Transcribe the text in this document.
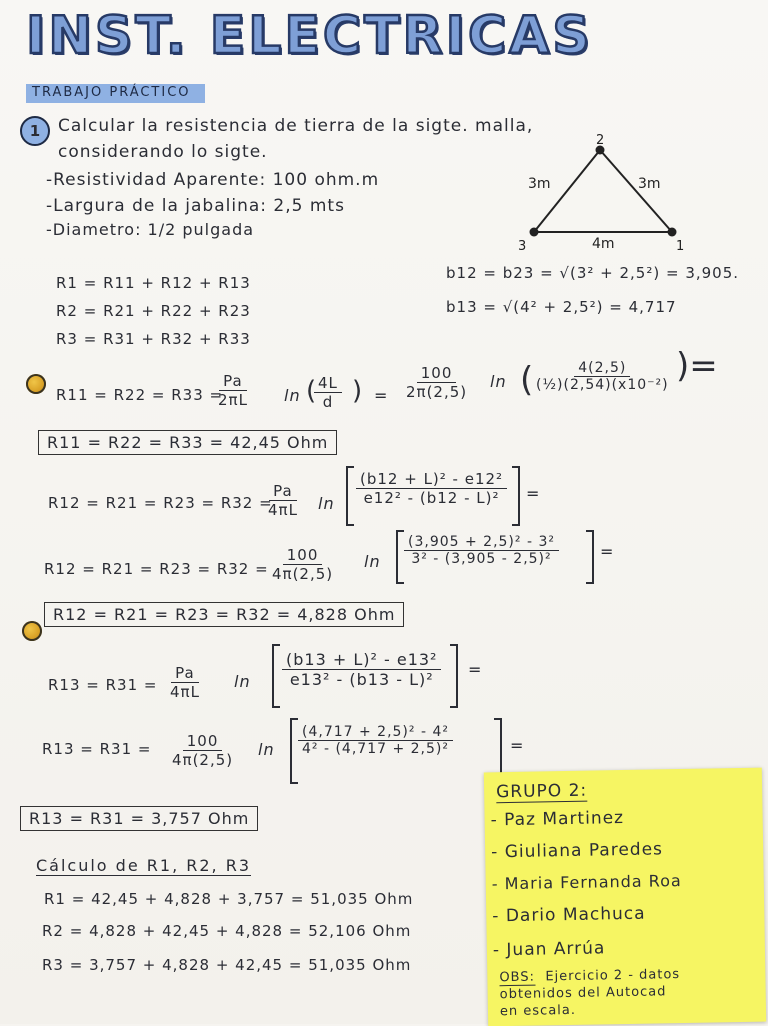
INST. ELECTRICAS
TRABAJO PRÁCTICO
1	Calcular la resistencia de tierra de la sigte. malla,
considerando lo sigte.
-Resistividad Aparente: 100 ohm.m
-Largura de la jabalina: 2,5 mts
-Diametro: 1/2 pulgada
2
3	1
3m	3m
4m
R1 = R11 + R12 + R13
R2 = R21 + R22 + R23
R3 = R31 + R32 + R33
b12 = b23 = √(3² + 2,5²) = 3,905.
b13 = √(4² + 2,5²) = 4,717
R11 = R22 = R33 =
$\frac{Pa}{2\pi L}$ $\ln \frac{4L}{d}$
( ) = $\frac{100}{2\pi(2,5)}$ ln (
$\frac{4(2,5)}{\text{(½)(2,54)(x10⁻²)}}$ )=
R11 = R22 = R33 = 42,45 Ohm
R12 = R21 = R23 = R32 =
$\frac{Pa}{4\pi L}$ $\ln \frac{\text{(b12 + L)² - e12²}}{\text{e12² - (b12 - L)²}}$ =
$R12 = R21 = R23 = R32 = \frac{100}{4\pi(2,5)}$ $\ln \frac{\text{(3,905 + 2,5)² - 3²}}{\text{3² - (3,905 - 2,5)²}}$	=
R12 = R21 = R23 = R32 = 4,828 Ohm
$R13 = R31 = \frac{Pa}{4\pi L}$ $\ln \frac{\text{(b13 + L)² - e13²}}{\text{e13² - (b13 - L)²}}$ =
$R13 = R31 = \frac{100}{4\pi(2,5)}$ $\ln \frac{\text{(4,717 + 2,5)² - 4²}}{\text{4² - (4,717 + 2,5)²}}$	=
R13 = R31 = 3,757 Ohm
Cálculo de R1, R2, R3
R1 = 42,45 + 4,828 + 3,757 = 51,035 Ohm
R2 = 4,828 + 42,45 + 4,828 = 52,106 Ohm
R3 = 3,757 + 4,828 + 42,45 = 51,035 Ohm
GRUPO 2:
- Paz Martinez
- Giuliana Paredes
- Maria Fernanda Roa
- Dario Machuca
- Juan Arrúa
OBS: Ejercicio 2 - datos
obtenidos del Autocad
en escala.
